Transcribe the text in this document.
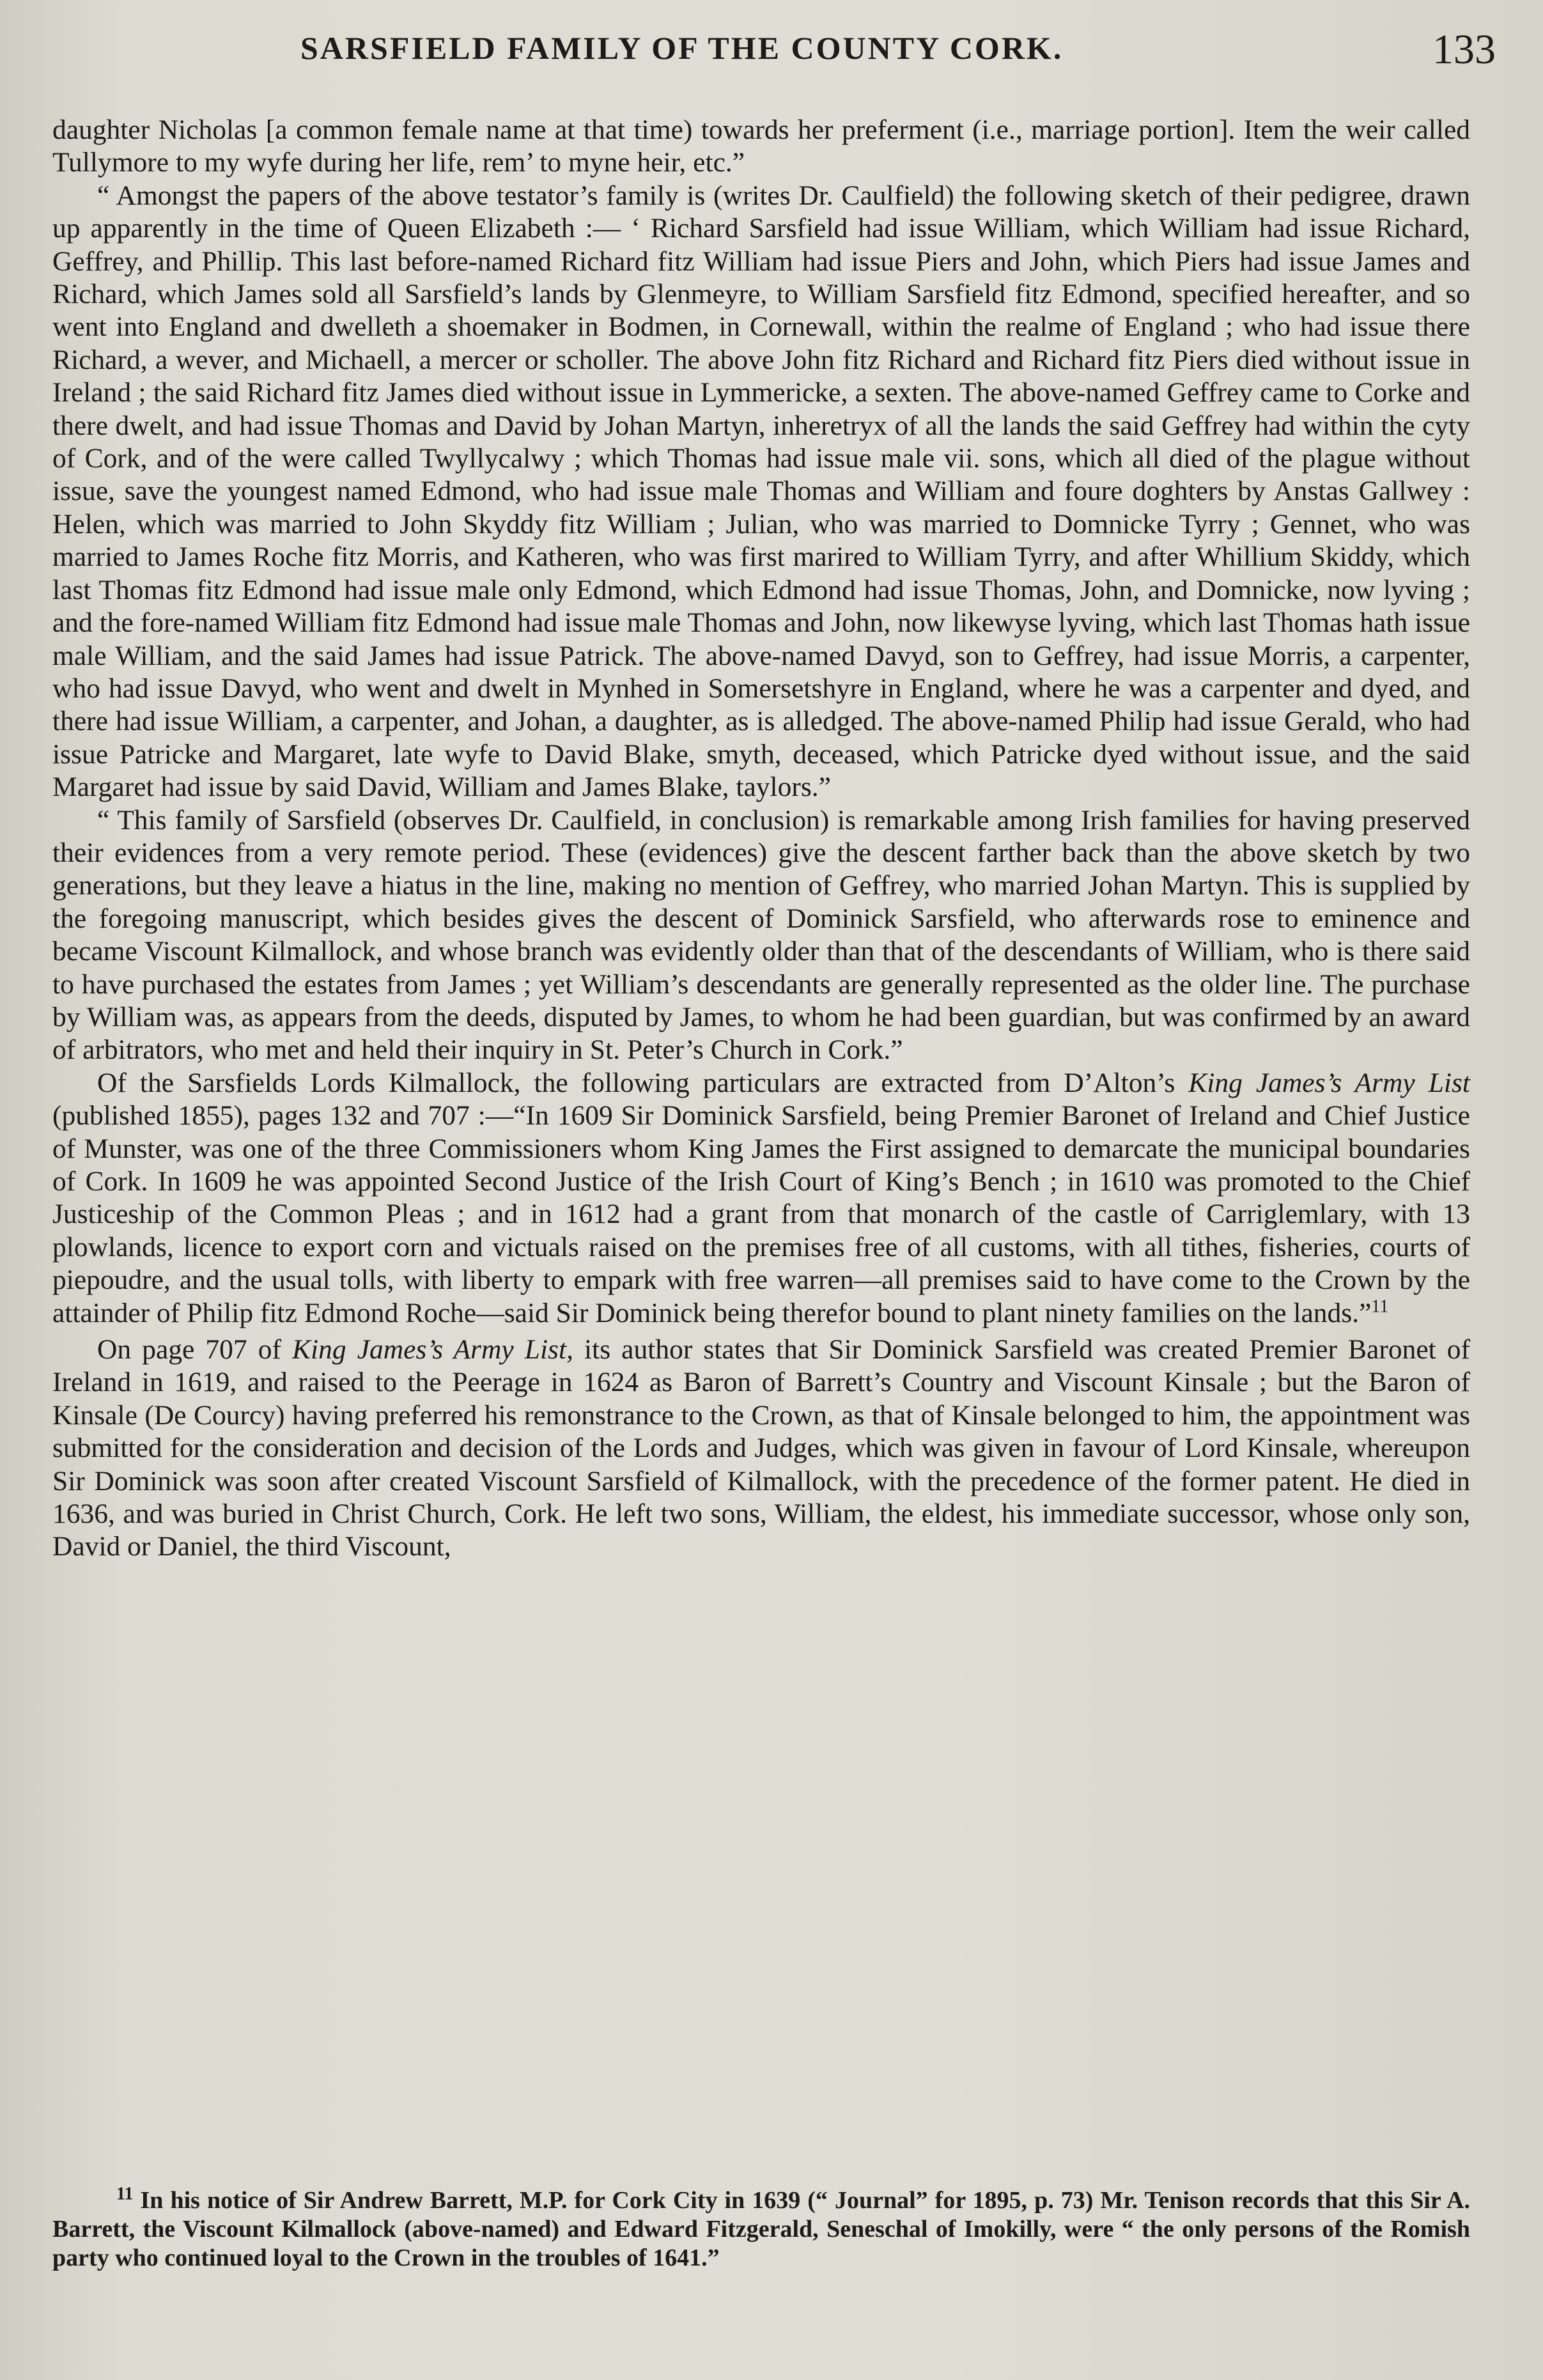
SARSFIELD FAMILY OF THE COUNTY CORK.	133

daughter Nicholas [a common female name at that time) towards her preferment (i.e., marriage portion]. Item the weir called Tullymore to my wyfe during her life, rem’ to myne heir, etc.”

“ Amongst the papers of the above testator’s family is (writes Dr. Caulfield) the following sketch of their pedigree, drawn up apparently in the time of Queen Elizabeth :— ‘ Richard Sarsfield had issue William, which William had issue Richard, Geffrey, and Phillip. This last before-named Richard fitz William had issue Piers and John, which Piers had issue James and Richard, which James sold all Sarsfield’s lands by Glenmeyre, to William Sarsfield fitz Edmond, specified hereafter, and so went into England and dwelleth a shoemaker in Bodmen, in Cornewall, within the realme of England ; who had issue there Richard, a wever, and Michaell, a mercer or scholler. The above John fitz Richard and Richard fitz Piers died without issue in Ireland ; the said Richard fitz James died without issue in Lymmericke, a sexten. The above-named Geffrey came to Corke and there dwelt, and had issue Thomas and David by Johan Martyn, inheretryx of all the lands the said Geffrey had within the cyty of Cork, and of the were called Twyllycalwy ; which Thomas had issue male vii. sons, which all died of the plague without issue, save the youngest named Edmond, who had issue male Thomas and William and foure doghters by Anstas Gallwey : Helen, which was married to John Skyddy fitz William ; Julian, who was married to Domnicke Tyrry ; Gennet, who was married to James Roche fitz Morris, and Katheren, who was first marired to William Tyrry, and after Whillium Skiddy, which last Thomas fitz Edmond had issue male only Edmond, which Edmond had issue Thomas, John, and Domnicke, now lyving ; and the fore-named William fitz Edmond had issue male Thomas and John, now likewyse lyving, which last Thomas hath issue male William, and the said James had issue Patrick. The above-named Davyd, son to Geffrey, had issue Morris, a carpenter, who had issue Davyd, who went and dwelt in Mynhed in Somersetshyre in England, where he was a carpenter and dyed, and there had issue William, a carpenter, and Johan, a daughter, as is alledged. The above-named Philip had issue Gerald, who had issue Patricke and Margaret, late wyfe to David Blake, smyth, deceased, which Patricke dyed without issue, and the said Margaret had issue by said David, William and James Blake, taylors.”

“ This family of Sarsfield (observes Dr. Caulfield, in conclusion) is remarkable among Irish families for having preserved their evidences from a very remote period. These (evidences) give the descent farther back than the above sketch by two generations, but they leave a hiatus in the line, making no mention of Geffrey, who married Johan Martyn. This is supplied by the foregoing manuscript, which besides gives the descent of Dominick Sarsfield, who afterwards rose to eminence and became Viscount Kilmallock, and whose branch was evidently older than that of the descendants of William, who is there said to have purchased the estates from James ; yet William’s descendants are generally represented as the older line. The purchase by William was, as appears from the deeds, disputed by James, to whom he had been guardian, but was confirmed by an award of arbitrators, who met and held their inquiry in St. Peter’s Church in Cork.”

Of the Sarsfields Lords Kilmallock, the following particulars are extracted from D’Alton’s King James’s Army List (published 1855), pages 132 and 707 :—“In 1609 Sir Dominick Sarsfield, being Premier Baronet of Ireland and Chief Justice of Munster, was one of the three Commissioners whom King James the First assigned to demarcate the municipal boundaries of Cork. In 1609 he was appointed Second Justice of the Irish Court of King’s Bench ; in 1610 was promoted to the Chief Justiceship of the Common Pleas ; and in 1612 had a grant from that monarch of the castle of Carriglemlary, with 13 plowlands, licence to export corn and victuals raised on the premises free of all customs, with all tithes, fisheries, courts of piepoudre, and the usual tolls, with liberty to empark with free warren—all premises said to have come to the Crown by the attainder of Philip fitz Edmond Roche—said Sir Dominick being therefor bound to plant ninety families on the lands.”$^{11}$

On page 707 of King James’s Army List, its author states that Sir Dominick Sarsfield was created Premier Baronet of Ireland in 1619, and raised to the Peerage in 1624 as Baron of Barrett’s Country and Viscount Kinsale ; but the Baron of Kinsale (De Courcy) having preferred his remonstrance to the Crown, as that of Kinsale belonged to him, the appointment was submitted for the consideration and decision of the Lords and Judges, which was given in favour of Lord Kinsale, whereupon Sir Dominick was soon after created Viscount Sarsfield of Kilmallock, with the precedence of the former patent. He died in 1636, and was buried in Christ Church, Cork. He left two sons, William, the eldest, his immediate successor, whose only son, David or Daniel, the third Viscount,

$^{11}$ In his notice of Sir Andrew Barrett, M.P. for Cork City in 1639 (“ Journal” for 1895, p. 73) Mr. Tenison records that this Sir A. Barrett, the Viscount Kilmallock (above-named) and Edward Fitzgerald, Seneschal of Imokilly, were “ the only persons of the Romish party who continued loyal to the Crown in the troubles of 1641.”
